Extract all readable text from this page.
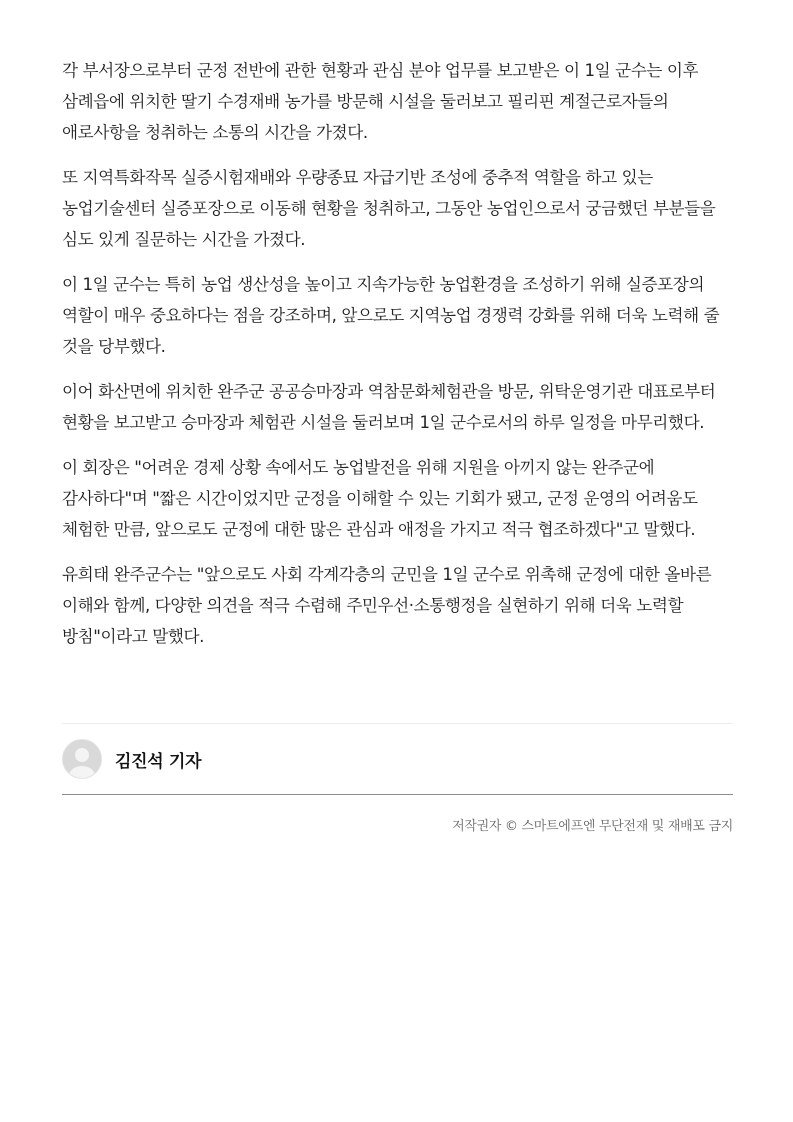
각 부서장으로부터 군정 전반에 관한 현황과 관심 분야 업무를 보고받은 이 1일 군수는 이후 삼례읍에 위치한 딸기 수경재배 농가를 방문해 시설을 둘러보고 필리핀 계절근로자들의 애로사항을 청취하는 소통의 시간을 가졌다.

또 지역특화작목 실증시험재배와 우량종묘 자급기반 조성에 중추적 역할을 하고 있는 농업기술센터 실증포장으로 이동해 현황을 청취하고, 그동안 농업인으로서 궁금했던 부분들을 심도 있게 질문하는 시간을 가졌다.

이 1일 군수는 특히 농업 생산성을 높이고 지속가능한 농업환경을 조성하기 위해 실증포장의 역할이 매우 중요하다는 점을 강조하며, 앞으로도 지역농업 경쟁력 강화를 위해 더욱 노력해 줄 것을 당부했다.

이어 화산면에 위치한 완주군 공공승마장과 역참문화체험관을 방문, 위탁운영기관 대표로부터 현황을 보고받고 승마장과 체험관 시설을 둘러보며 1일 군수로서의 하루 일정을 마무리했다.

이 회장은 "어려운 경제 상황 속에서도 농업발전을 위해 지원을 아끼지 않는 완주군에 감사하다"며 "짧은 시간이었지만 군정을 이해할 수 있는 기회가 됐고, 군정 운영의 어려움도 체험한 만큼, 앞으로도 군정에 대한 많은 관심과 애정을 가지고 적극 협조하겠다"고 말했다.

유희태 완주군수는 "앞으로도 사회 각계각층의 군민을 1일 군수로 위촉해 군정에 대한 올바른 이해와 함께, 다양한 의견을 적극 수렴해 주민우선·소통행정을 실현하기 위해 더욱 노력할 방침"이라고 말했다.

김진석 기자
저작권자 © 스마트에프엔 무단전재 및 재배포 금지
